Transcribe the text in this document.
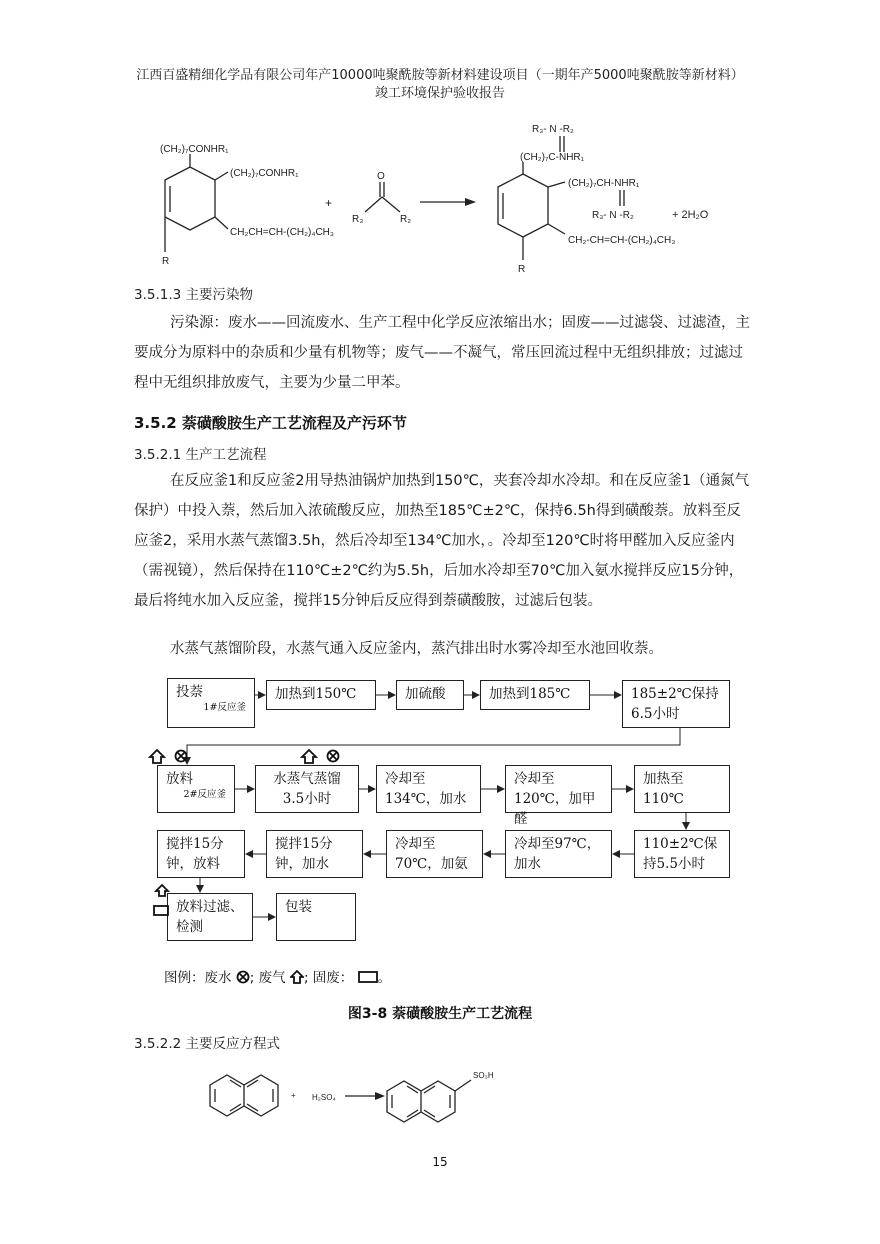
江西百盛精细化学品有限公司年产10000吨聚酰胺等新材料建设项目（一期年产5000吨聚酰胺等新材料）
竣工环境保护验收报告
(CH₂)₇CONHR₁
(CH₂)₇CONHR₁
CH₂CH=CH-(CH₂)₄CH₃
R
+
O
R₃	R₂
R₃- N -R₂
(CH₂)₇C-NHR₁
(CH₂)₇CH-NHR₁
R₃- N -R₂	+ 2H₂O
CH₂-CH=CH-(CH₂)₄CH₃
R
3.5.1.3 主要污染物
污染源：废水——回流废水、生产工程中化学反应浓缩出水；固废——过滤袋、过滤渣，主要成分为原料中的杂质和少量有机物等；废气——不凝气，常压回流过程中无组织排放；过滤过程中无组织排放废气，主要为少量二甲苯。
3.5.2 萘磺酸胺生产工艺流程及产污环节
3.5.2.1 生产工艺流程
在反应釜1和反应釜2用导热油锅炉加热到150℃，夹套冷却水冷却。和在反应釜1（通氮气保护）中投入萘，然后加入浓硫酸反应，加热至185℃±2℃，保持6.5h得到磺酸萘。放料至反应釜2，采用水蒸气蒸馏3.5h，然后冷却至134℃加水，。冷却至120℃时将甲醛加入反应釜内（需视镜），然后保持在110℃±2℃约为5.5h，后加水冷却至70℃加入氨水搅拌反应15分钟，最后将纯水加入反应釜，搅拌15分钟后反应得到萘磺酸胺，过滤后包装。
水蒸气蒸馏阶段，水蒸气通入反应釜内，蒸汽排出时水雾冷却至水池回收萘。
投萘
1#反应釜
加热到150℃	加硫酸	加热到185℃	185±2℃保持6.5小时
放料
2#反应釜
水蒸气蒸馏3.5小时
冷却至134℃，加水
冷却至120℃，加甲醛
加热至110℃
搅拌15分钟，放料
搅拌15分钟，加水
冷却至70℃，加氨
冷却至97℃，加水
110±2℃保持5.5小时
放料过滤、检测
包装
图例：废水 ; 废气 ; 固废： 。
图3-8 萘磺酸胺生产工艺流程
3.5.2.2 主要反应方程式
+ H₂SO₄
SO₃H
15
